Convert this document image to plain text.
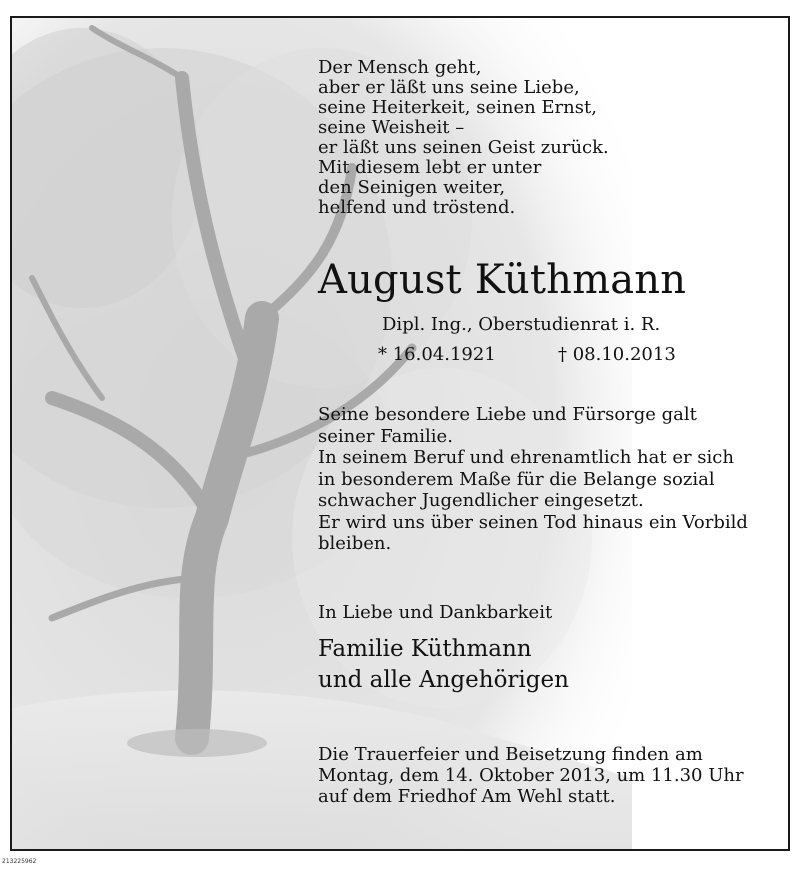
Der Mensch geht,
aber er läßt uns seine Liebe,
seine Heiterkeit, seinen Ernst,
seine Weisheit –
er läßt uns seinen Geist zurück.
Mit diesem lebt er unter
den Seinigen weiter,
helfend und tröstend.
August Küthmann
Dipl. Ing., Oberstudienrat i. R.
* 16.04.1921	† 08.10.2013
Seine besondere Liebe und Fürsorge galt
seiner Familie.
In seinem Beruf und ehrenamtlich hat er sich
in besonderem Maße für die Belange sozial
schwacher Jugendlicher eingesetzt.
Er wird uns über seinen Tod hinaus ein Vorbild
bleiben.
In Liebe und Dankbarkeit
Familie Küthmann
und alle Angehörigen
Die Trauerfeier und Beisetzung finden am
Montag, dem 14. Oktober 2013, um 11.30 Uhr
auf dem Friedhof Am Wehl statt.
213225962
